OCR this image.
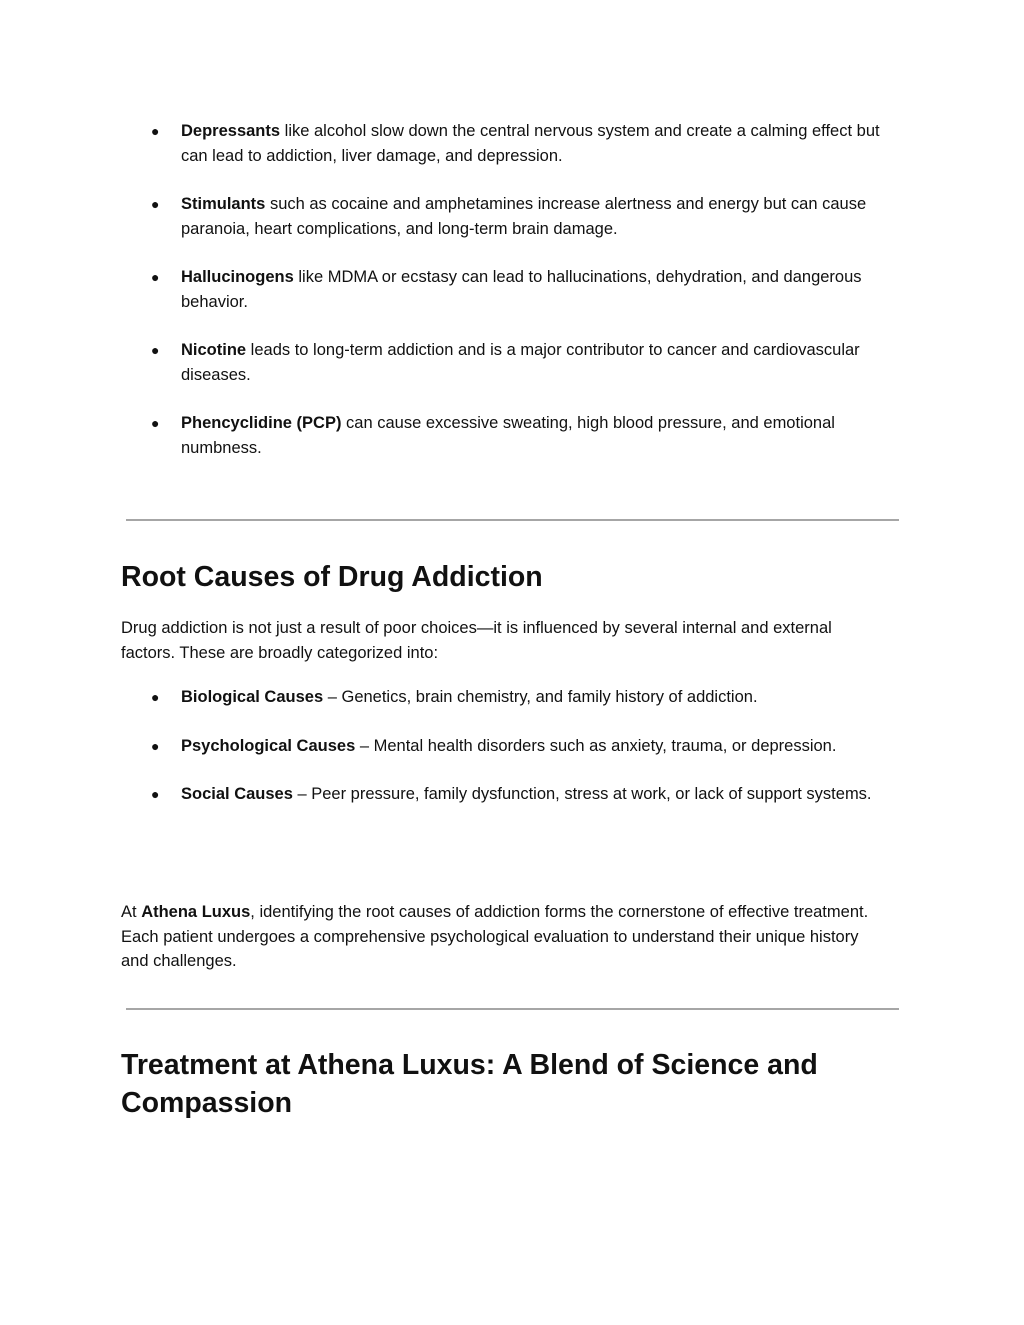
● Depressants like alcohol slow down the central nervous system and create a calming effect but can lead to addiction, liver damage, and depression.
● Stimulants such as cocaine and amphetamines increase alertness and energy but can cause paranoia, heart complications, and long-term brain damage.
● Hallucinogens like MDMA or ecstasy can lead to hallucinations, dehydration, and dangerous behavior.
● Nicotine leads to long-term addiction and is a major contributor to cancer and cardiovascular diseases.
● Phencyclidine (PCP) can cause excessive sweating, high blood pressure, and emotional numbness.
Root Causes of Drug Addiction

Drug addiction is not just a result of poor choices—it is influenced by several internal and external factors. These are broadly categorized into:

● Biological Causes – Genetics, brain chemistry, and family history of addiction.
● Psychological Causes – Mental health disorders such as anxiety, trauma, or depression.
● Social Causes – Peer pressure, family dysfunction, stress at work, or lack of support systems.

At Athena Luxus, identifying the root causes of addiction forms the cornerstone of effective treatment. Each patient undergoes a comprehensive psychological evaluation to understand their unique history and challenges.

Treatment at Athena Luxus: A Blend of Science and Compassion
